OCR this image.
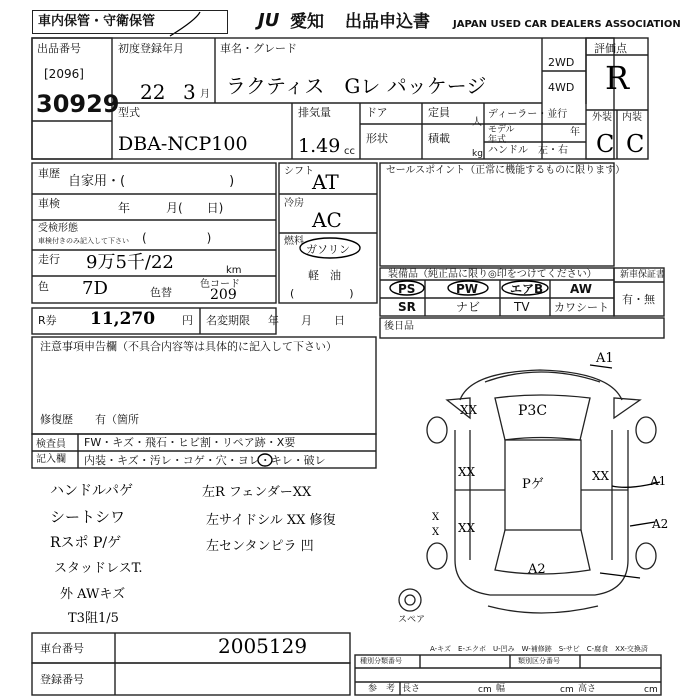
車内保管・守衛保管	JU 愛知 出品申込書 JAPAN USED CAR DEALERS ASSOCIATION
出品番号
[2096]
30929
初度登録年月
22 3 月
車名・グレード
ラクティス　Gレ パッケージ
2WD
4WD
評価点
R
外装 内装
C C
型式
DBA-NCP100
排気量
1.49 cc
ドア
形状
定員
人
積載
kg
ディーラー・並行
モデル
年式
年
ハンドル　左・右
車歴
自家用・(　　　　　　　　)
車検	年　　　月(　　日)
受検形態
車検付きのみ記入して下さい (　　　　　)
走行 9万5千/22	km
色 7D	色替
色コード
209
R券 11,270 円 名変期限 年　　月　　日
シフト
AT
冷房
AC
燃料
ガソリン
軽　油
(　　　　　)
セールスポイント（正常に機能するものに限ります）
装備品（純正品に限り◎印をつけてください）
PS	PW	エアB AW
SR	ナビ	TV カワシート
新車保証書
有・無
後日品
注意事項申告欄（不具合内容等は具体的に記入して下さい）
修復歴　　有（箇所
検査員
記入欄
FW・キズ・飛石・ヒビ割・リペア跡・X要
内装・キズ・汚レ・コゲ・穴・ヨレ・キレ・破レ
ハンドルパゲ
シートシワ
Rスポ P/ゲ
スタッドレスT.
外 AWキズ
T3阻1/5
左R フェンダーXX
左サイドシル XX 修復
左センタンピラ 凹
A1
P3C
XX
XX
Pゲ
XX
XX	A1
A2
A2
X
X
スペア
A-キズ　E-エクボ　U-凹み　W-補修跡　S-サビ　C-腐食　XX-交換済
車台番号	2005129
登録番号
種別分類番号	類別区分番号
参　考 長さ	cm 幅	cm 高さ	cm
